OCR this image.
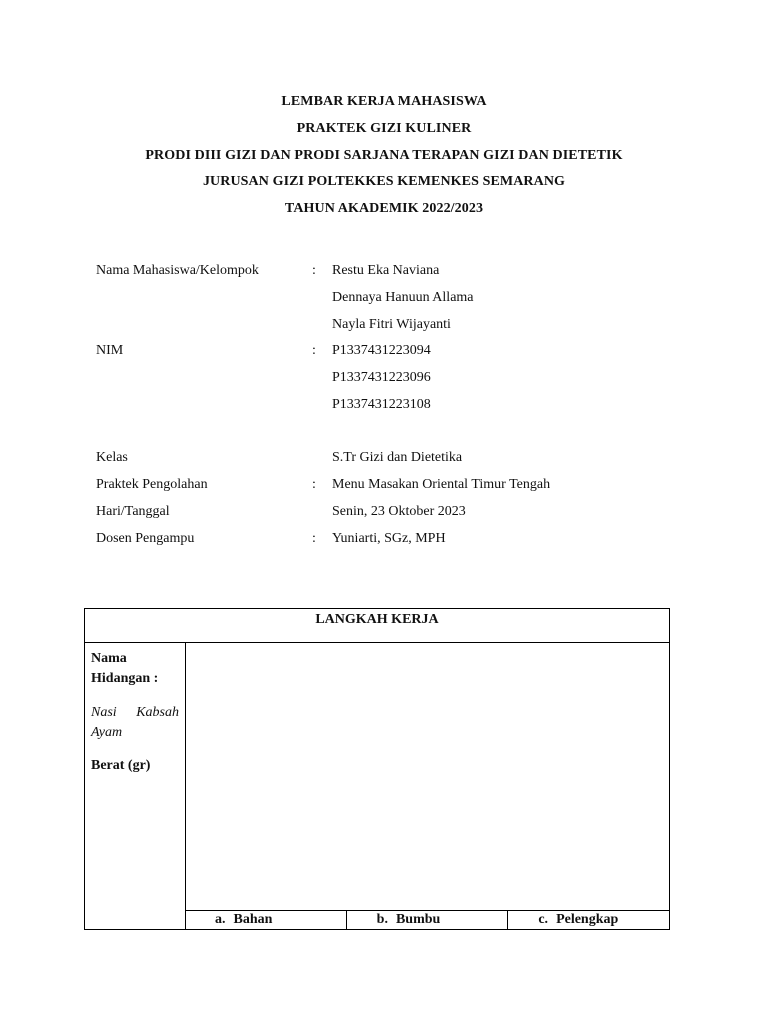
LEMBAR KERJA MAHASISWA
PRAKTEK GIZI KULINER
PRODI DIII GIZI DAN PRODI SARJANA TERAPAN GIZI DAN DIETETIK
JURUSAN GIZI POLTEKKES KEMENKES SEMARANG
TAHUN AKADEMIK 2022/2023
Nama Mahasiswa/Kelompok	: Restu Eka Naviana
Dennaya Hanuun Allama
Nayla Fitri Wijayanti
NIM	: P1337431223094
P1337431223096
P1337431223108
Kelas	S.Tr Gizi dan Dietetika
Praktek Pengolahan	: Menu Masakan Oriental Timur Tengah
Hari/Tanggal	Senin, 23 Oktober 2023
Dosen Pengampu	: Yuniarti, SGz, MPH
LANGKAH KERJA
Nama
Hidangan :
Nasi Kabsah
Ayam
Berat (gr)
a. Bahan	b. Bumbu	c. Pelengkap
